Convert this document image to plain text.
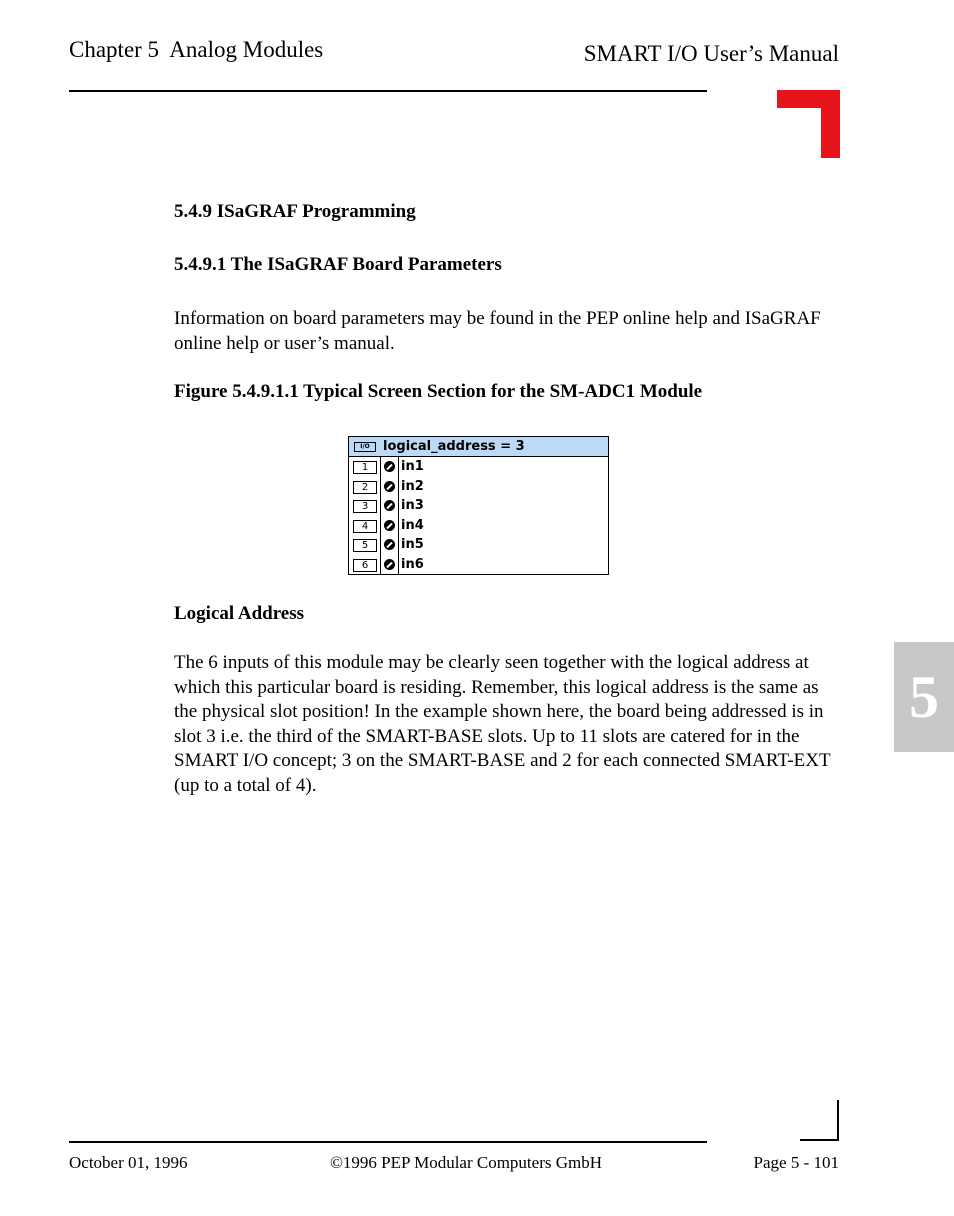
Chapter 5  Analog Modules	SMART I/O User’s Manual
5.4.9 ISaGRAF Programming
5.4.9.1 The ISaGRAF Board Parameters
Information on board parameters may be found in the PEP online help and ISaGRAF online help or user’s manual.
Figure 5.4.9.1.1 Typical Screen Section for the SM-ADC1 Module
I/O	logical_address = 3
1	in1
2	in2
3	in3
4	in4
5	in5
6	in6
Logical Address
The 6 inputs of this module may be clearly seen together with the logical address at which this particular board is residing. Remember, this logical address is the same as the physical slot position! In the example shown here, the board being addressed is in slot 3 i.e. the third of the SMART-BASE slots. Up to 11 slots are catered for in the SMART I/O concept; 3 on the SMART-BASE and 2 for each connected SMART-EXT (up to a total of 4).
5
October 01, 1996	©1996 PEP Modular Computers GmbH	Page 5 - 101
